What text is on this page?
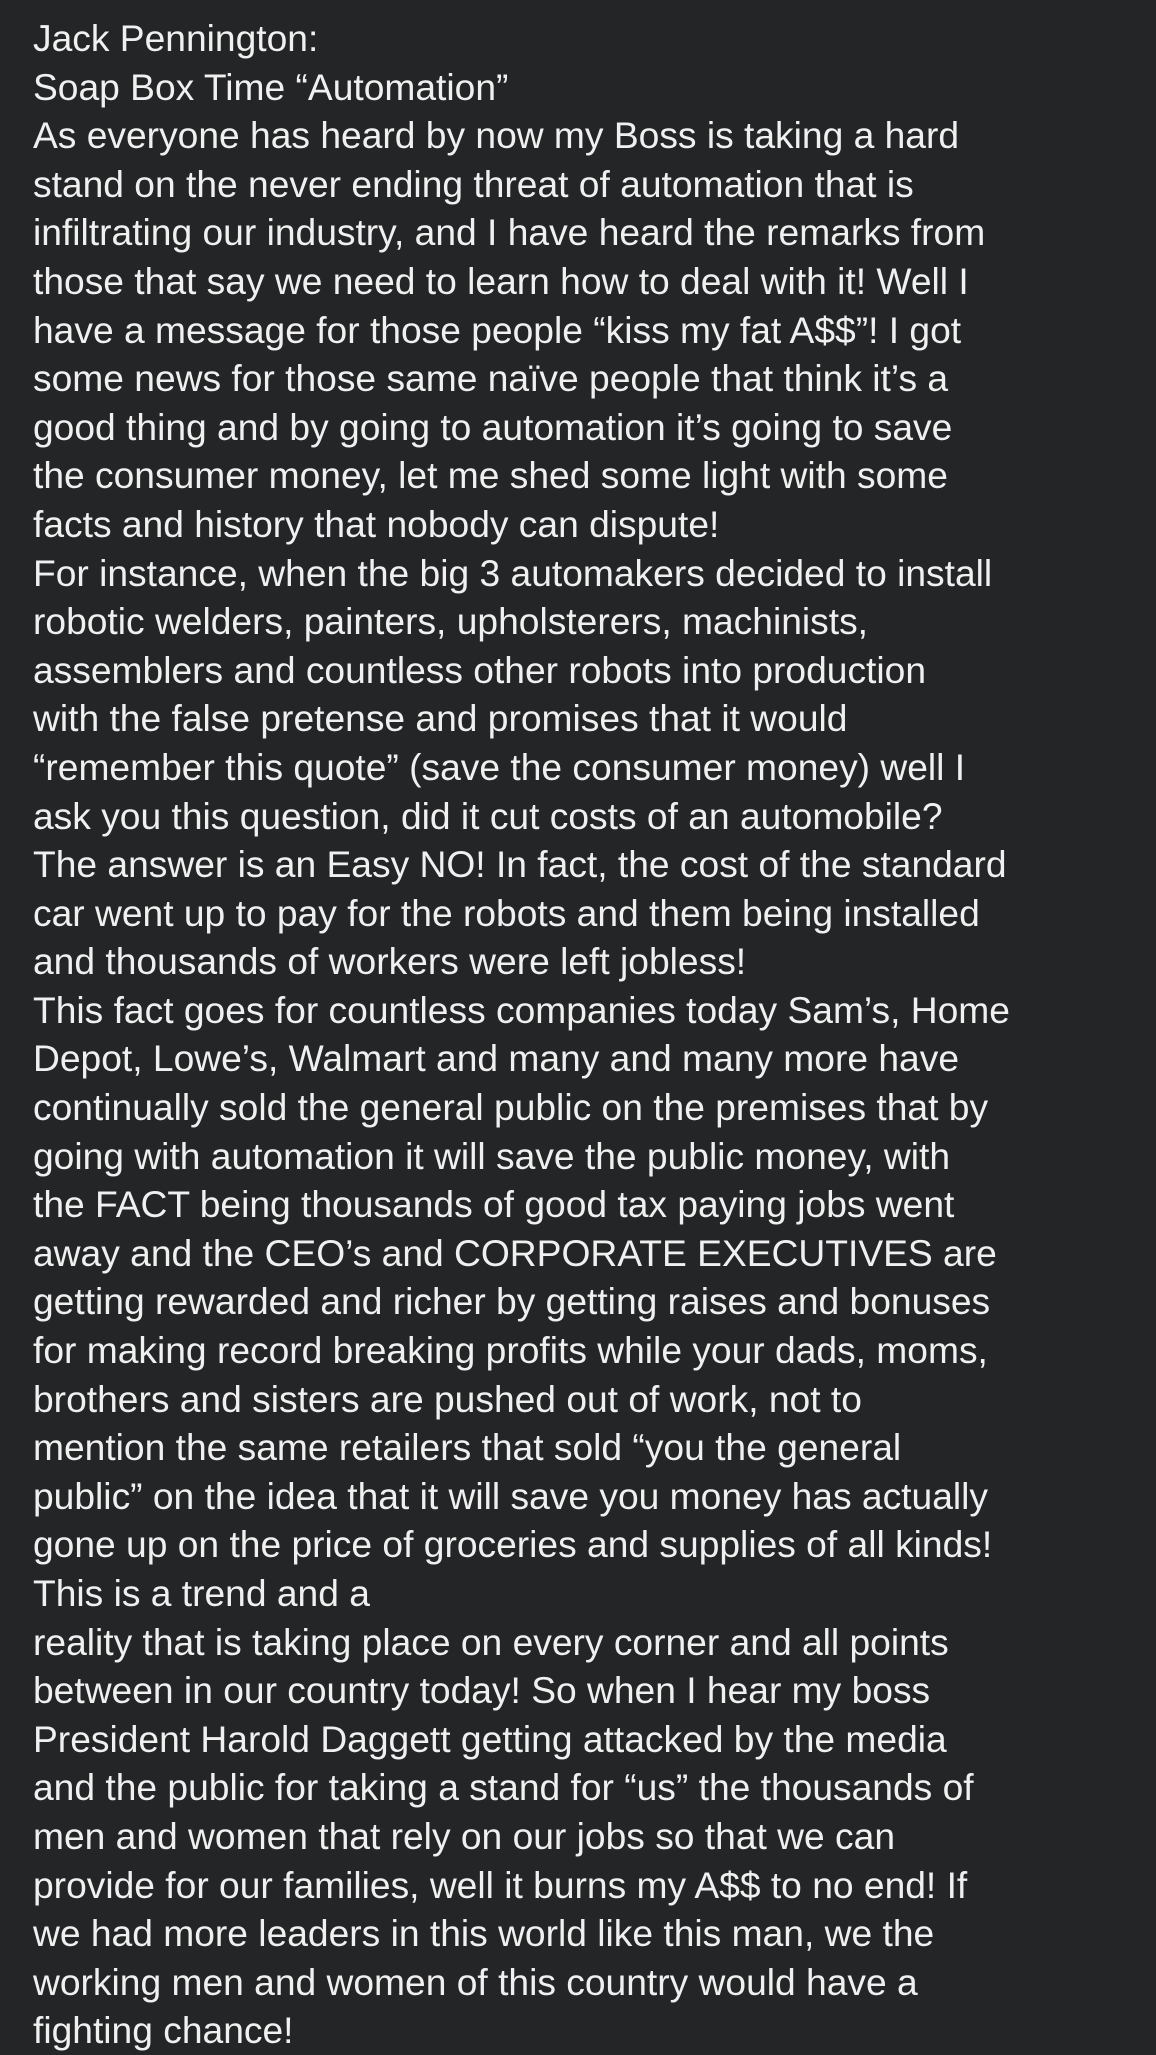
Jack Pennington:
Soap Box Time “Automation”
As everyone has heard by now my Boss is taking a hard
stand on the never ending threat of automation that is
infiltrating our industry, and I have heard the remarks from
those that say we need to learn how to deal with it! Well I
have a message for those people “kiss my fat A$$”! I got
some news for those same naïve people that think it’s a
good thing and by going to automation it’s going to save
the consumer money, let me shed some light with some
facts and history that nobody can dispute!
For instance, when the big 3 automakers decided to install
robotic welders, painters, upholsterers, machinists,
assemblers and countless other robots into production
with the false pretense and promises that it would
“remember this quote” (save the consumer money) well I
ask you this question, did it cut costs of an automobile?
The answer is an Easy NO! In fact, the cost of the standard
car went up to pay for the robots and them being installed
and thousands of workers were left jobless!
This fact goes for countless companies today Sam’s, Home
Depot, Lowe’s, Walmart and many and many more have
continually sold the general public on the premises that by
going with automation it will save the public money, with
the FACT being thousands of good tax paying jobs went
away and the CEO’s and CORPORATE EXECUTIVES are
getting rewarded and richer by getting raises and bonuses
for making record breaking profits while your dads, moms,
brothers and sisters are pushed out of work, not to
mention the same retailers that sold “you the general
public” on the idea that it will save you money has actually
gone up on the price of groceries and supplies of all kinds!
This is a trend and a
reality that is taking place on every corner and all points
between in our country today! So when I hear my boss
President Harold Daggett getting attacked by the media
and the public for taking a stand for “us” the thousands of
men and women that rely on our jobs so that we can
provide for our families, well it burns my A$$ to no end! If
we had more leaders in this world like this man, we the
working men and women of this country would have a
fighting chance!
